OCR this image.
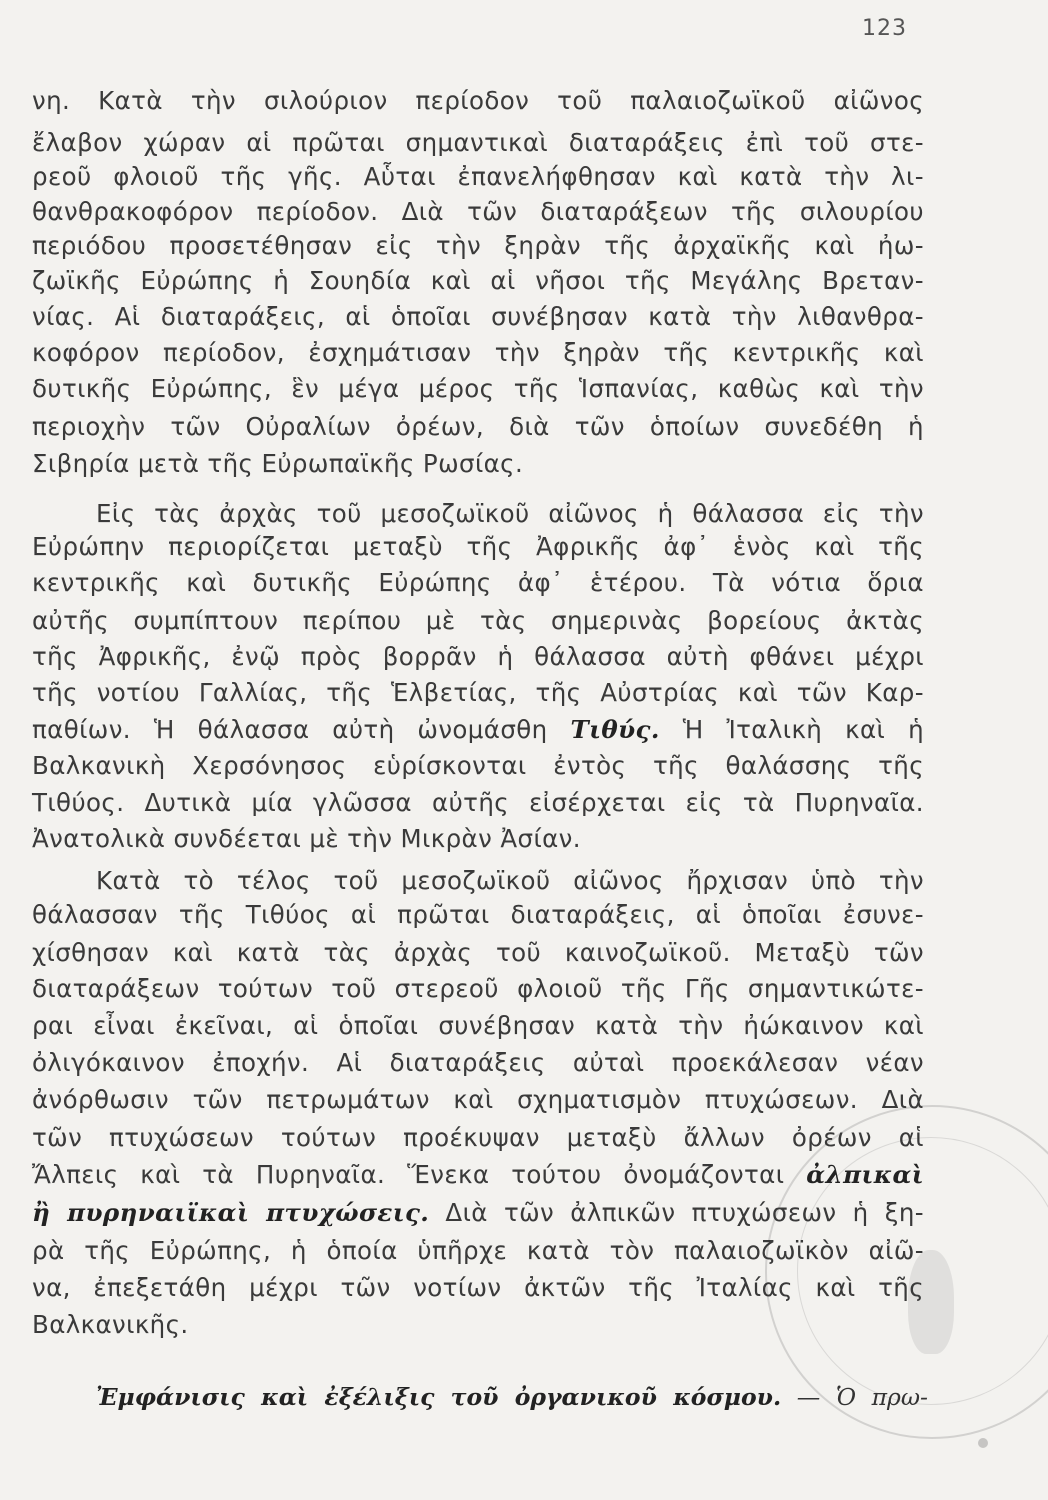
123
νη. Κατὰ τὴν σιλούριον περίοδον τοῦ παλαιοζωϊκοῦ αἰῶνος
ἔλαβον χώραν αἱ πρῶται σημαντικαὶ διαταράξεις ἐπὶ τοῦ στε-
ρεοῦ φλοιοῦ τῆς γῆς. Αὗται ἐπανελήφθησαν καὶ κατὰ τὴν λι-
θανθρακοφόρον περίοδον. Διὰ τῶν διαταράξεων τῆς σιλουρίου
περιόδου προσετέθησαν εἰς τὴν ξηρὰν τῆς ἀρχαϊκῆς καὶ ἠω-
ζωϊκῆς Εὐρώπης ἡ Σουηδία καὶ αἱ νῆσοι τῆς Μεγάλης Βρεταν-
νίας. Αἱ διαταράξεις, αἱ ὁποῖαι συνέβησαν κατὰ τὴν λιθανθρα-
κοφόρον περίοδον, ἐσχημάτισαν τὴν ξηρὰν τῆς κεντρικῆς καὶ
δυτικῆς Εὐρώπης, ἓν μέγα μέρος τῆς Ἱσπανίας, καθὼς καὶ τὴν
περιοχὴν τῶν Οὐραλίων ὀρέων, διὰ τῶν ὁποίων συνεδέθη ἡ
Σιβηρία μετὰ τῆς Εὐρωπαϊκῆς Ρωσίας.
Εἰς τὰς ἀρχὰς τοῦ μεσοζωϊκοῦ αἰῶνος ἡ θάλασσα εἰς τὴν
Εὐρώπην περιορίζεται μεταξὺ τῆς Ἀφρικῆς ἀφ᾽ ἑνὸς καὶ τῆς
κεντρικῆς καὶ δυτικῆς Εὐρώπης ἀφ᾽ ἑτέρου. Τὰ νότια ὅρια
αὐτῆς συμπίπτουν περίπου μὲ τὰς σημερινὰς βορείους ἀκτὰς
τῆς Ἀφρικῆς, ἐνῷ πρὸς βορρᾶν ἡ θάλασσα αὐτὴ φθάνει μέχρι
τῆς νοτίου Γαλλίας, τῆς Ἑλβετίας, τῆς Αὐστρίας καὶ τῶν Καρ-
παθίων. Ἡ θάλασσα αὐτὴ ὠνομάσθη Τιθύς. Ἡ Ἰταλικὴ καὶ ἡ
Βαλκανικὴ Χερσόνησος εὑρίσκονται ἐντὸς τῆς θαλάσσης τῆς
Τιθύος. Δυτικὰ μία γλῶσσα αὐτῆς εἰσέρχεται εἰς τὰ Πυρηναῖα.
Ἀνατολικὰ συνδέεται μὲ τὴν Μικρὰν Ἀσίαν.
Κατὰ τὸ τέλος τοῦ μεσοζωϊκοῦ αἰῶνος ἤρχισαν ὑπὸ τὴν
θάλασσαν τῆς Τιθύος αἱ πρῶται διαταράξεις, αἱ ὁποῖαι ἐσυνε-
χίσθησαν καὶ κατὰ τὰς ἀρχὰς τοῦ καινοζωϊκοῦ. Μεταξὺ τῶν
διαταράξεων τούτων τοῦ στερεοῦ φλοιοῦ τῆς Γῆς σημαντικώτε-
ραι εἶναι ἐκεῖναι, αἱ ὁποῖαι συνέβησαν κατὰ τὴν ἠώκαινον καὶ
ὀλιγόκαινον ἐποχήν. Αἱ διαταράξεις αὐταὶ προεκάλεσαν νέαν
ἀνόρθωσιν τῶν πετρωμάτων καὶ σχηματισμὸν πτυχώσεων. Διὰ
τῶν πτυχώσεων τούτων προέκυψαν μεταξὺ ἄλλων ὀρέων αἱ
Ἄλπεις καὶ τὰ Πυρηναῖα. Ἕνεκα τούτου ὀνομάζονται ἀλπικαὶ
ἢ πυρηναιϊκαὶ πτυχώσεις. Διὰ τῶν ἀλπικῶν πτυχώσεων ἡ ξη-
ρὰ τῆς Εὐρώπης, ἡ ὁποία ὑπῆρχε κατὰ τὸν παλαιοζωϊκὸν αἰῶ-
να, ἐπεξετάθη μέχρι τῶν νοτίων ἀκτῶν τῆς Ἰταλίας καὶ τῆς
Βαλκανικῆς.
Ἐμφάνισις καὶ ἐξέλιξις τοῦ ὀργανικοῦ κόσμου. — Ὁ πρω-
